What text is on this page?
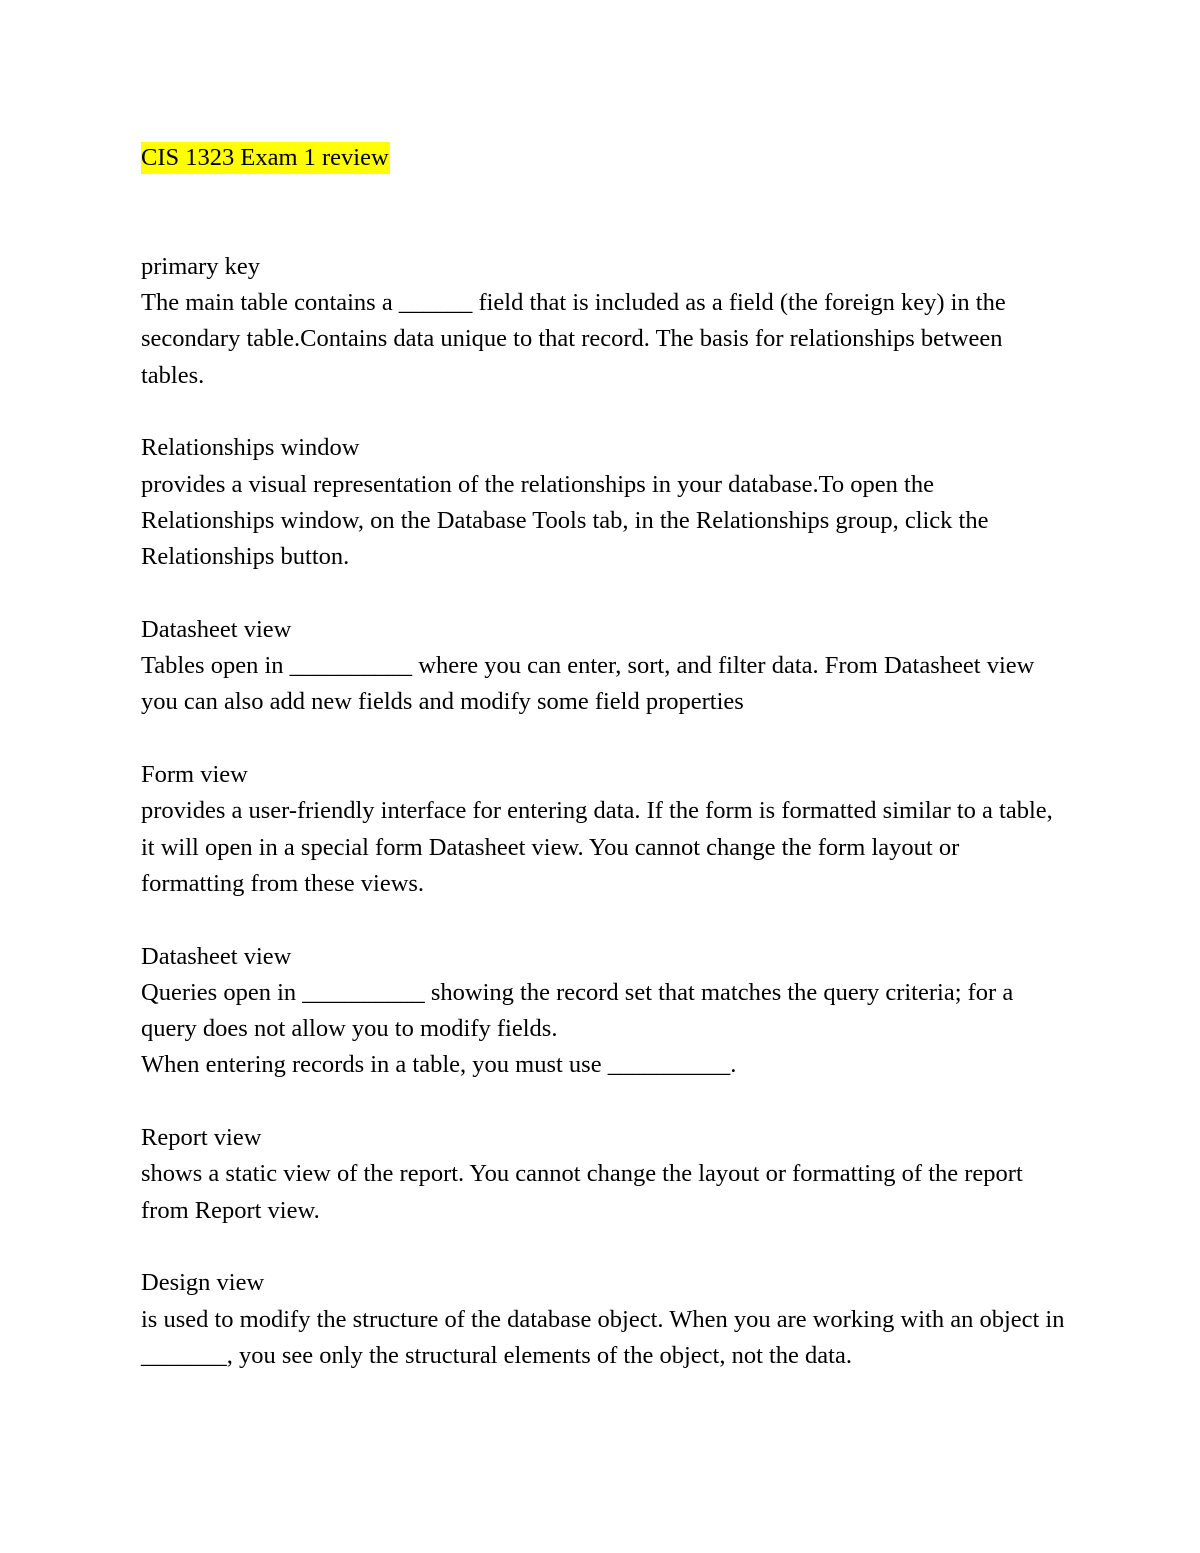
CIS 1323 Exam 1 review
primary key
The main table contains a ______ field that is included as a field (the foreign key) in the secondary table.Contains data unique to that record. The basis for relationships between tables.
Relationships window
provides a visual representation of the relationships in your database.To open the Relationships window, on the Database Tools tab, in the Relationships group, click the Relationships button.
Datasheet view
Tables open in __________ where you can enter, sort, and filter data. From Datasheet view you can also add new fields and modify some field properties
Form view
provides a user-friendly interface for entering data. If the form is formatted similar to a table, it will open in a special form Datasheet view. You cannot change the form layout or formatting from these views.
Datasheet view
Queries open in __________ showing the record set that matches the query criteria; for a query does not allow you to modify fields.
When entering records in a table, you must use __________.
Report view
shows a static view of the report. You cannot change the layout or formatting of the report from Report view.
Design view
is used to modify the structure of the database object. When you are working with an object in _______, you see only the structural elements of the object, not the data.
